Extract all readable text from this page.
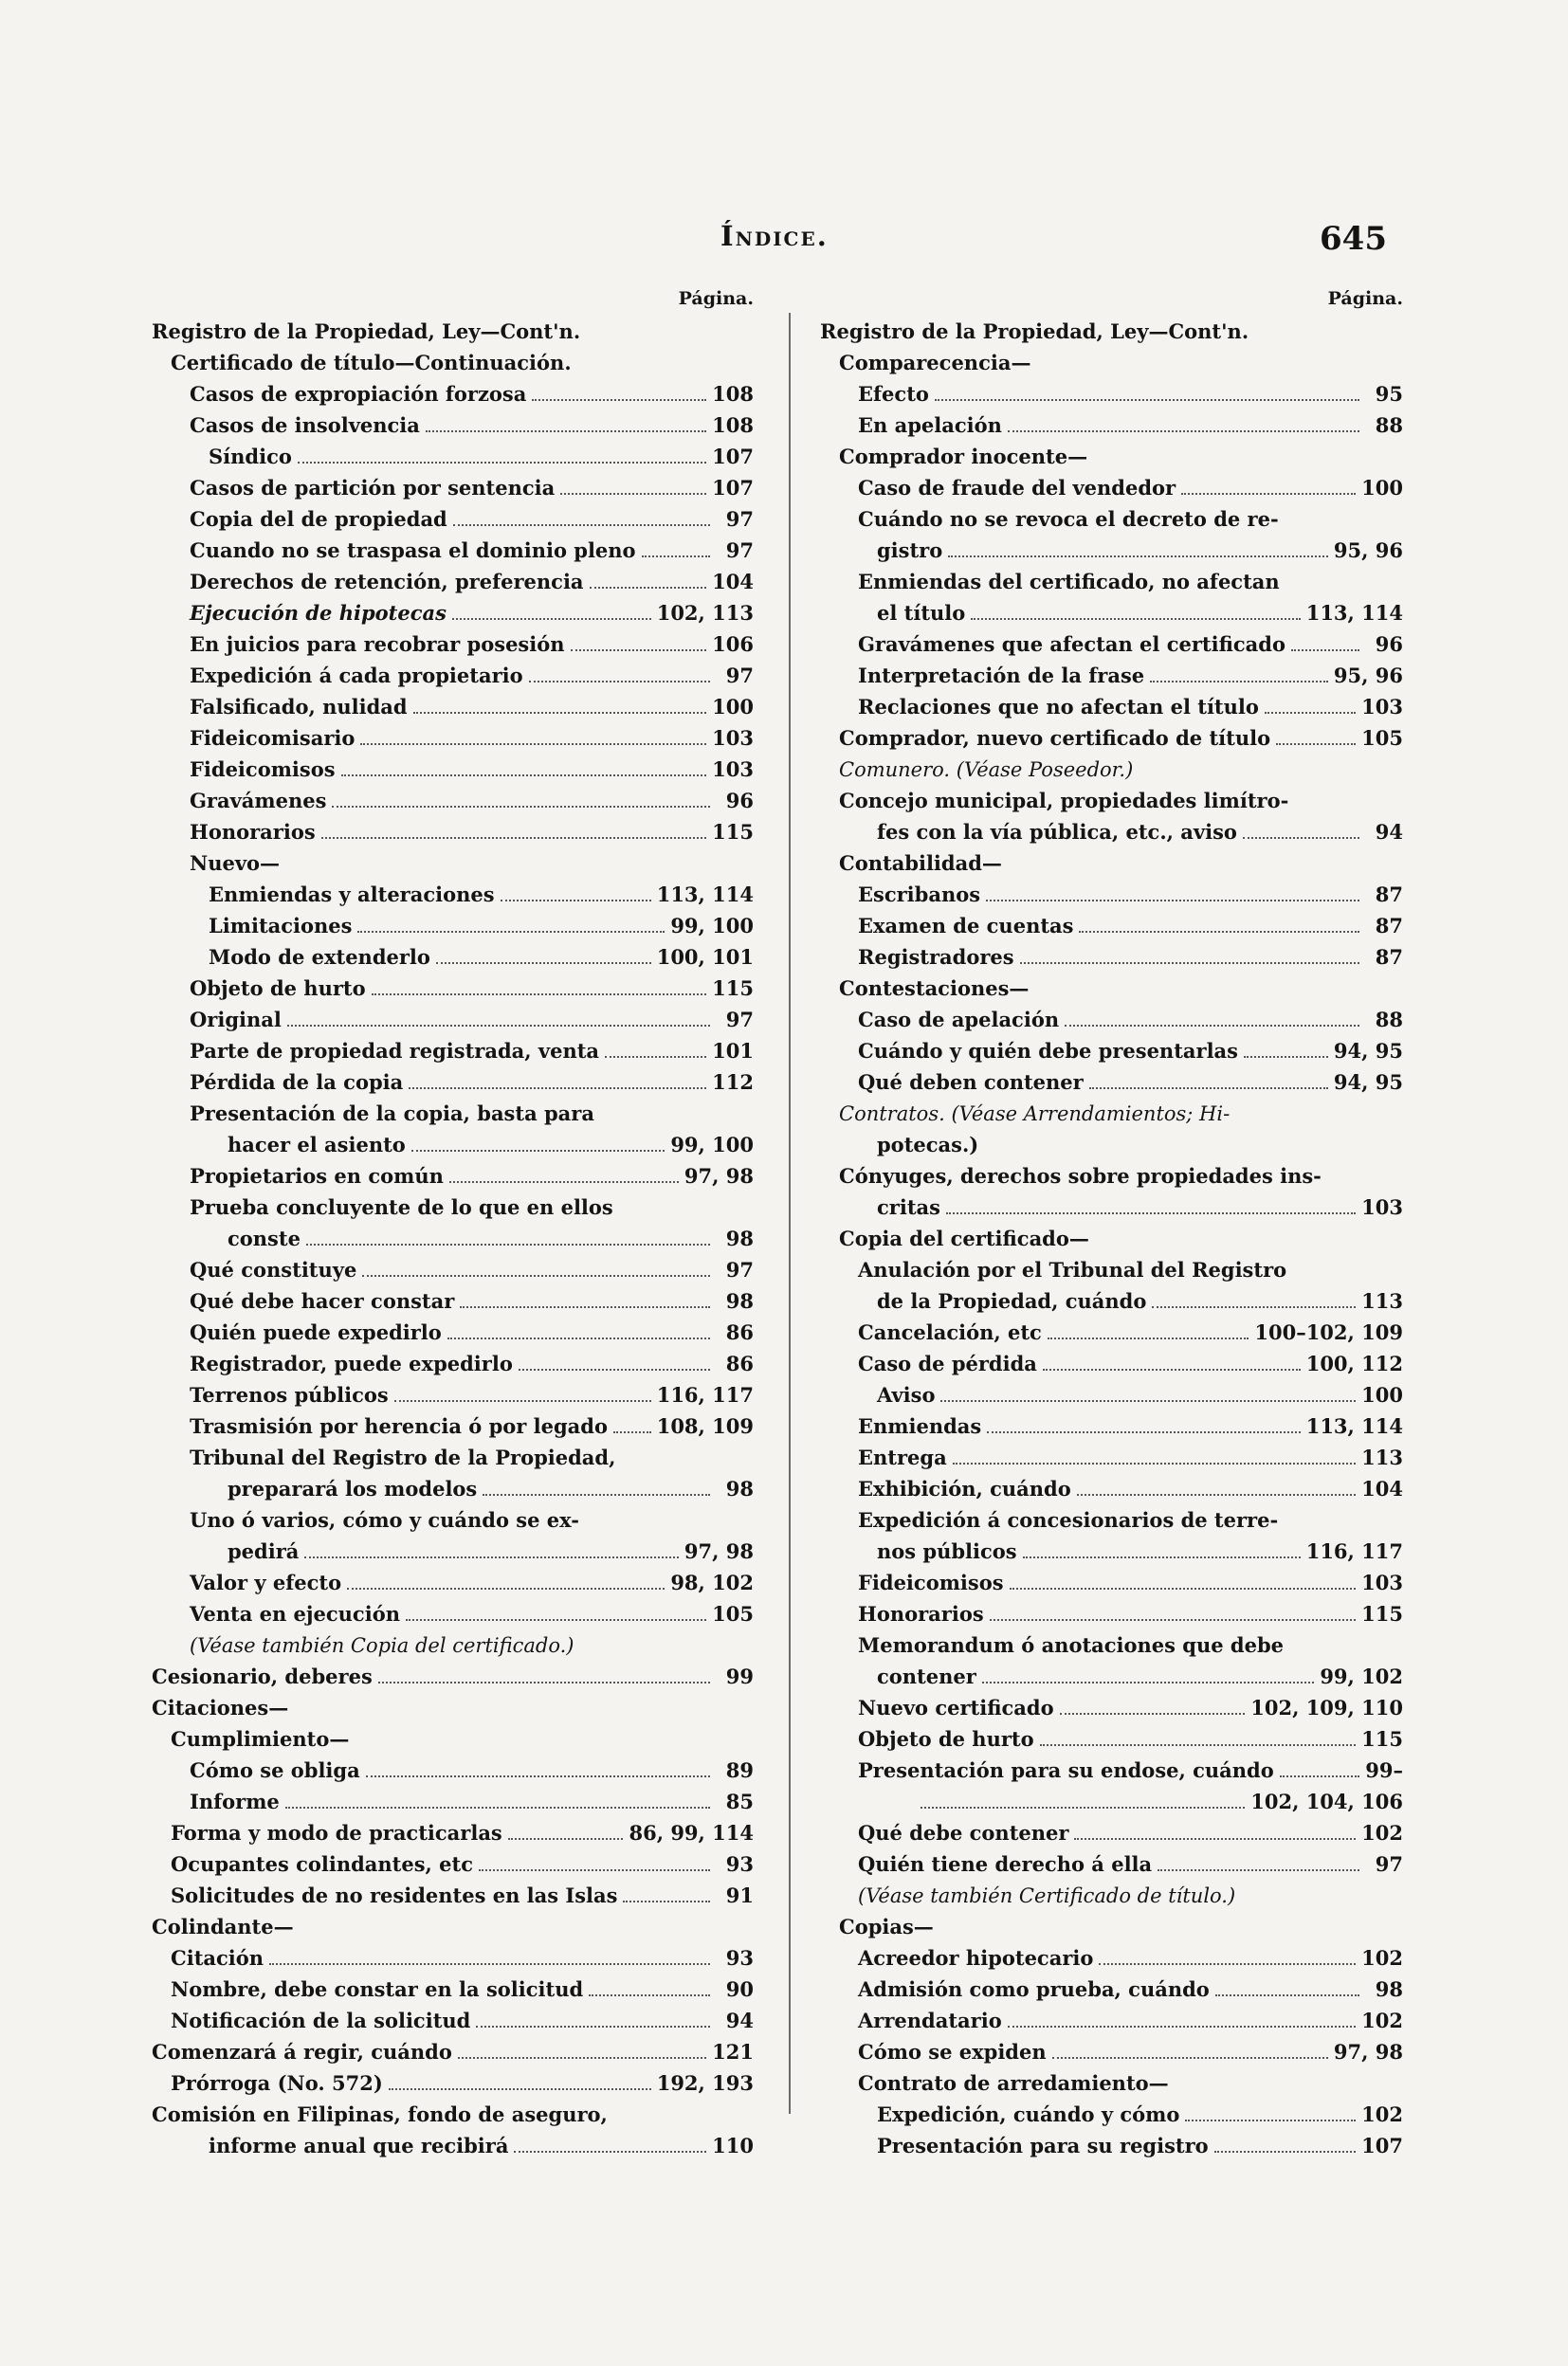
Índice.	645
Página.
Registro de la Propiedad, Ley—Cont'n.
Certificado de título—Continuación.
Casos de expropiación forzosa	108
Casos de insolvencia	108
Síndico	107
Casos de partición por sentencia	107
Copia del de propiedad	97
Cuando no se traspasa el dominio pleno	97
Derechos de retención, preferencia	104
Ejecución de hipotecas	102, 113
En juicios para recobrar posesión	106
Expedición á cada propietario	97
Falsificado, nulidad	100
Fideicomisario	103
Fideicomisos	103
Gravámenes	96
Honorarios	115
Nuevo—
Enmiendas y alteraciones	113, 114
Limitaciones	99, 100
Modo de extenderlo	100, 101
Objeto de hurto	115
Original	97
Parte de propiedad registrada, venta	101
Pérdida de la copia	112
Presentación de la copia, basta para
hacer el asiento	99, 100
Propietarios en común	97, 98
Prueba concluyente de lo que en ellos
conste	98
Qué constituye	97
Qué debe hacer constar	98
Quién puede expedirlo	86
Registrador, puede expedirlo	86
Terrenos públicos	116, 117
Trasmisión por herencia ó por legado 108, 109
Tribunal del Registro de la Propiedad,
preparará los modelos	98
Uno ó varios, cómo y cuándo se ex-
pedirá	97, 98
Valor y efecto	98, 102
Venta en ejecución	105
(Véase también Copia del certificado.)
Cesionario, deberes	99
Citaciones—
Cumplimiento—
Cómo se obliga	89
Informe	85
Forma y modo de practicarlas	86, 99, 114
Ocupantes colindantes, etc	93
Solicitudes de no residentes en las Islas	91
Colindante—
Citación	93
Nombre, debe constar en la solicitud	90
Notificación de la solicitud	94
Comenzará á regir, cuándo	121
Prórroga (No. 572)	192, 193
Comisión en Filipinas, fondo de aseguro,
informe anual que recibirá	110
Página.
Registro de la Propiedad, Ley—Cont'n.
Comparecencia—
Efecto	95
En apelación	88
Comprador inocente—
Caso de fraude del vendedor	100
Cuándo no se revoca el decreto de re-
gistro	95, 96
Enmiendas del certificado, no afectan
el título	113, 114
Gravámenes que afectan el certificado	96
Interpretación de la frase	95, 96
Reclaciones que no afectan el título	103
Comprador, nuevo certificado de título	105
Comunero. (Véase Poseedor.)
Concejo municipal, propiedades limítro-
fes con la vía pública, etc., aviso	94
Contabilidad—
Escribanos	87
Examen de cuentas	87
Registradores	87
Contestaciones—
Caso de apelación	88
Cuándo y quién debe presentarlas	94, 95
Qué deben contener	94, 95
Contratos. (Véase Arrendamientos; Hi-
potecas.)
Cónyuges, derechos sobre propiedades ins-
critas	103
Copia del certificado—
Anulación por el Tribunal del Registro
de la Propiedad, cuándo	113
Cancelación, etc	100–102, 109
Caso de pérdida	100, 112
Aviso	100
Enmiendas	113, 114
Entrega	113
Exhibición, cuándo	104
Expedición á concesionarios de terre-
nos públicos	116, 117
Fideicomisos	103
Honorarios	115
Memorandum ó anotaciones que debe
contener	99, 102
Nuevo certificado	102, 109, 110
Objeto de hurto	115
Presentación para su endose, cuándo	99–
102, 104, 106
Qué debe contener	102
Quién tiene derecho á ella	97
(Véase también Certificado de título.)
Copias—
Acreedor hipotecario	102
Admisión como prueba, cuándo	98
Arrendatario	102
Cómo se expiden	97, 98
Contrato de arredamiento—
Expedición, cuándo y cómo	102
Presentación para su registro	107
